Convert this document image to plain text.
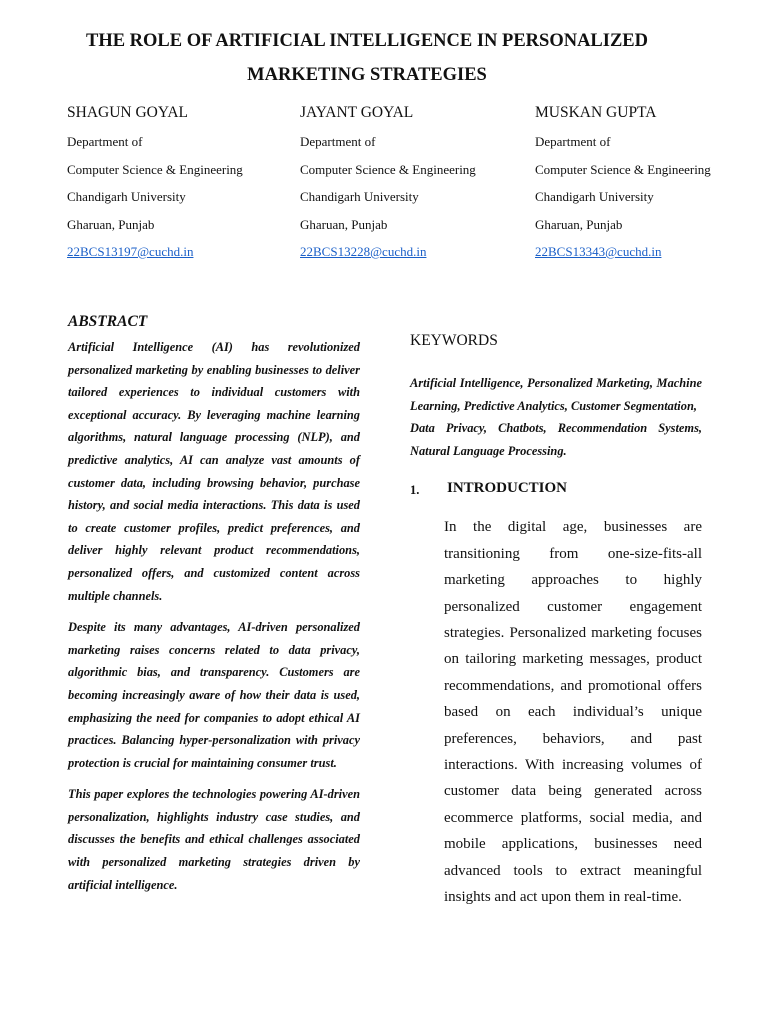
THE ROLE OF ARTIFICIAL INTELLIGENCE IN PERSONALIZED
MARKETING STRATEGIES
SHAGUN GOYAL
Department of
Computer Science & Engineering
Chandigarh University
Gharuan, Punjab
22BCS13197@cuchd.in
JAYANT GOYAL
Department of
Computer Science & Engineering
Chandigarh University
Gharuan, Punjab
22BCS13228@cuchd.in
MUSKAN GUPTA
Department of
Computer Science & Engineering
Chandigarh University
Gharuan, Punjab
22BCS13343@cuchd.in
ABSTRACT

Artificial Intelligence (AI) has revolutionized personalized marketing by enabling businesses to deliver tailored experiences to individual customers with exceptional accuracy. By leveraging machine learning algorithms, natural language processing (NLP), and predictive analytics, AI can analyze vast amounts of customer data, including browsing behavior, purchase history, and social media interactions. This data is used to create customer profiles, predict preferences, and deliver highly relevant product recommendations, personalized offers, and customized content across multiple channels.

Despite its many advantages, AI-driven personalized marketing raises concerns related to data privacy, algorithmic bias, and transparency. Customers are becoming increasingly aware of how their data is used, emphasizing the need for companies to adopt ethical AI practices. Balancing hyper-personalization with privacy protection is crucial for maintaining consumer trust.

This paper explores the technologies powering AI-driven personalization, highlights industry case studies, and discusses the benefits and ethical challenges associated with personalized marketing strategies driven by artificial intelligence.

KEYWORDS

Artificial Intelligence, Personalized Marketing, Machine Learning, Predictive Analytics, Customer Segmentation,

Data Privacy, Chatbots, Recommendation Systems, Natural Language Processing.

1. INTRODUCTION

In the digital age, businesses are transitioning from one-size-fits-all marketing approaches to highly personalized customer engagement strategies. Personalized marketing focuses on tailoring marketing messages, product recommendations, and promotional offers based on each individual’s unique preferences, behaviors, and past interactions. With increasing volumes of customer data being generated across ecommerce platforms, social media, and mobile applications, businesses need advanced tools to extract meaningful insights and act upon them in real-time.
